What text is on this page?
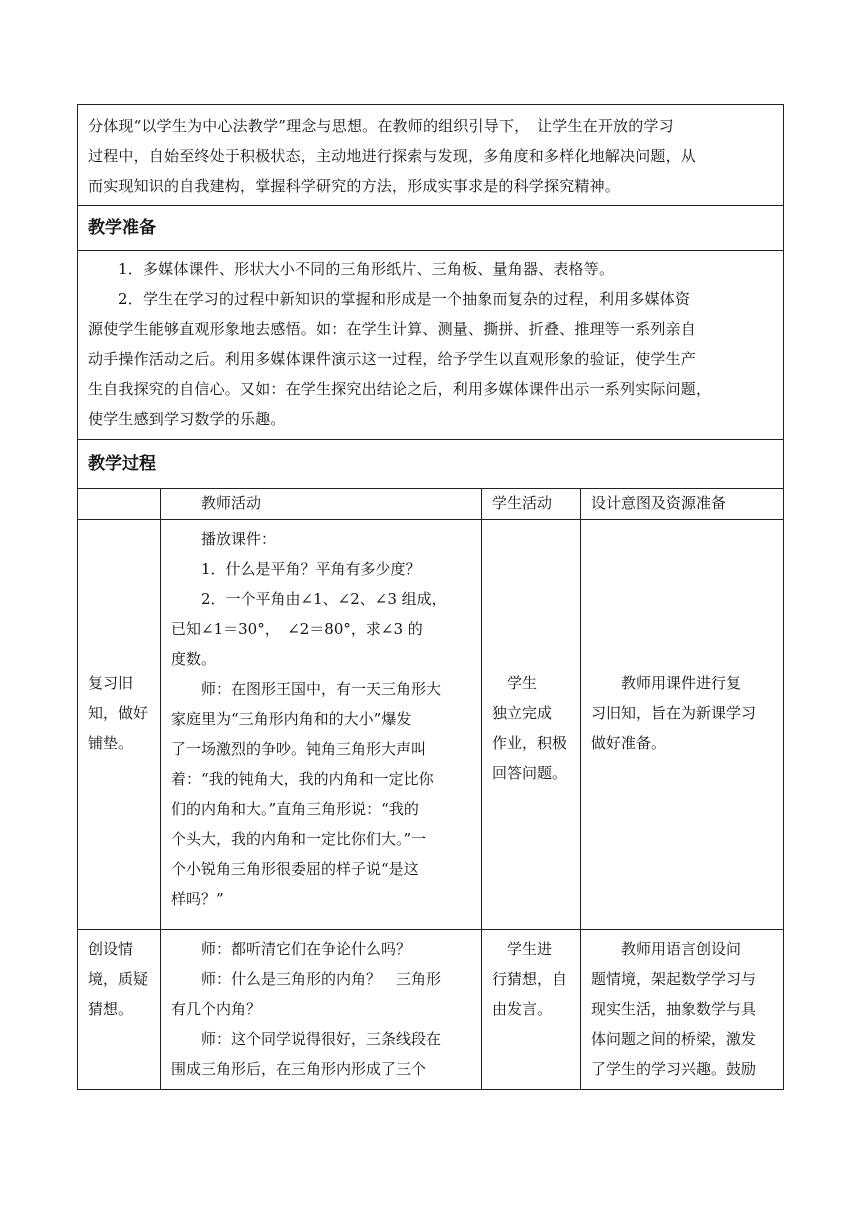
分体现“以学生为中心法教学”理念与思想。在教师的组织引导下，　让学生在开放的学习

过程中，自始至终处于积极状态，主动地进行探索与发现，多角度和多样化地解决问题，从

而实现知识的自我建构，掌握科学研究的方法，形成实事求是的科学探究精神。

教学准备

1．多媒体课件、形状大小不同的三角形纸片、三角板、量角器、表格等。

2．学生在学习的过程中新知识的掌握和形成是一个抽象而复杂的过程，利用多媒体资

源使学生能够直观形象地去感悟。如：在学生计算、测量、撕拼、折叠、推理等一系列亲自

动手操作活动之后。利用多媒体课件演示这一过程，给予学生以直观形象的验证，使学生产

生自我探究的自信心。又如：在学生探究出结论之后，利用多媒体课件出示一系列实际问题，

使学生感到学习数学的乐趣。

教学过程
教师活动	学生活动	设计意图及资源准备
复习旧
知，做好
铺垫。
播放课件：
1．什么是平角？平角有多少度？
2．一个平角由∠1、∠2、∠3 组成，
已知∠1＝30°，　∠2＝80°，求∠3 的
度数。
师：在图形王国中，有一天三角形大
家庭里为“三角形内角和的大小”爆发
了一场激烈的争吵。钝角三角形大声叫
着：“我的钝角大，我的内角和一定比你
们的内角和大。”直角三角形说：“我的
个头大，我的内角和一定比你们大。”一
个小锐角三角形很委屈的样子说“是这
样吗？”
　学生
独立完成
作业，积极
回答问题。
　　教师用课件进行复
习旧知，旨在为新课学习
做好准备。
创设情
境，质疑
猜想。
师：都听清它们在争论什么吗？
师：什么是三角形的内角？　三角形
有几个内角？
师：这个同学说得很好，三条线段在
围成三角形后，在三角形内形成了三个
　学生进
行猜想，自
由发言。
　　教师用语言创设问
题情境，架起数学学习与
现实生活，抽象数学与具
体问题之间的桥梁，激发
了学生的学习兴趣。鼓励
